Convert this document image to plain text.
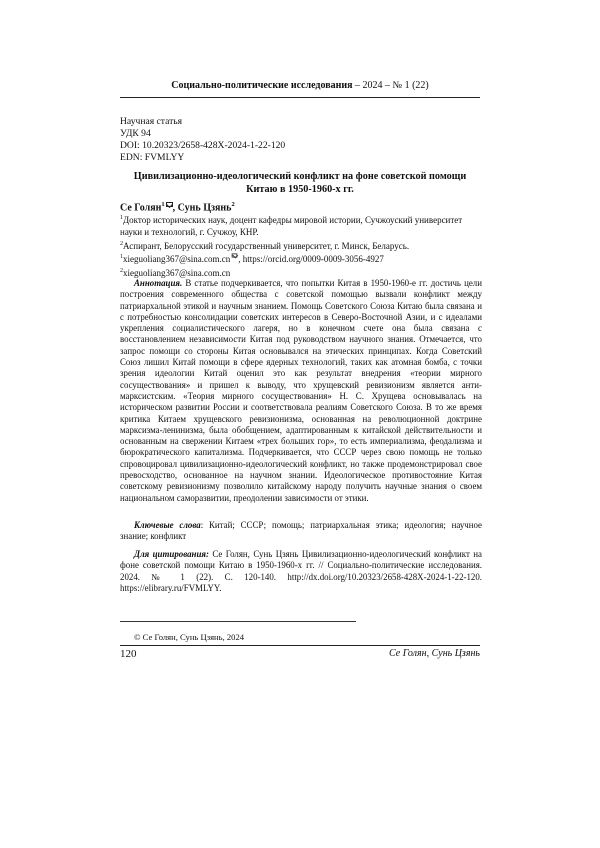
Социально-политические исследования – 2024 – № 1 (22)
Научная статья
УДК 94
DOI: 10.20323/2658-428X-2024-1-22-120
EDN: FVMLYY
Цивилизационно-идеологический конфликт на фоне советской помощи
Китаю в 1950-1960-х гг.
Се Голян$^1$ , Сунь Цзянь$^2$
$^1$Доктор исторических наук, доцент кафедры мировой истории, Сучжоуский университет науки и технологий, г. Сучжоу, КНР.
$^2$Аспирант, Белорусский государственный университет, г. Минск, Беларусь.
$^1$xieguoliang367@sina.com.cn , https://orcid.org/0009-0009-3056-4927
$^2$xieguoliang367@sina.com.cn
Аннотация. В статье подчеркивается, что попытки Китая в 1950-1960-е гг. достичь цели построения современного общества с советской помощью вызвали конфликт между патриархальной этикой и научным знанием. Помощь Советского Союза Китаю была связана и с потребностью консолидации советских интересов в Северо-Восточной Азии, и с идеалами укрепления социалистического лагеря, но в конечном счете она была связана с восстановлением независимости Китая под руководством научного знания. Отмечается, что запрос помощи со стороны Китая основывался на этических принципах. Когда Советский Союз лишил Китай помощи в сфере ядерных технологий, таких как атомная бомба, с точки зрения идеологии Китай оценил это как результат внедрения «теории мирного сосуществования» и пришел к выводу, что хрущевский ревизионизм является анти-марксистским. «Теория мирного сосуществования» Н. С. Хрущева основывалась на историческом развитии России и соответствовала реалиям Советского Союза. В то же время критика Китаем хрущевского ревизионизма, основанная на революционной доктрине марксизма-ленинизма, была обобщением, адаптированным к китайской действительности и основанным на свержении Китаем «трех больших гор», то есть империализма, феодализма и бюрократического капитализма. Подчеркивается, что СССР через свою помощь не только спровоцировал цивилизационно-идеологический конфликт, но также продемонстрировал свое превосходство, основанное на научном знании. Идеологическое противостояние Китая советскому ревизионизму позволило китайскому народу получить научные знания о своем национальном саморазвитии, преодолении зависимости от этики.
Ключевые слова: Китай; СССР; помощь; патриархальная этика; идеология; научное знание; конфликт
Для цитирования: Се Голян, Сунь Цзянь Цивилизационно-идеологический конфликт на фоне советской помощи Китаю в 1950-1960-х гг. // Социально-политические исследования. 2024. № 1 (22). С. 120-140. http://dx.doi.org/10.20323/2658-428X-2024-1-22-120. https://elibrary.ru/FVMLYY.
© Се Голян, Сунь Цзянь, 2024
120	Се Голян, Сунь Цзянь
